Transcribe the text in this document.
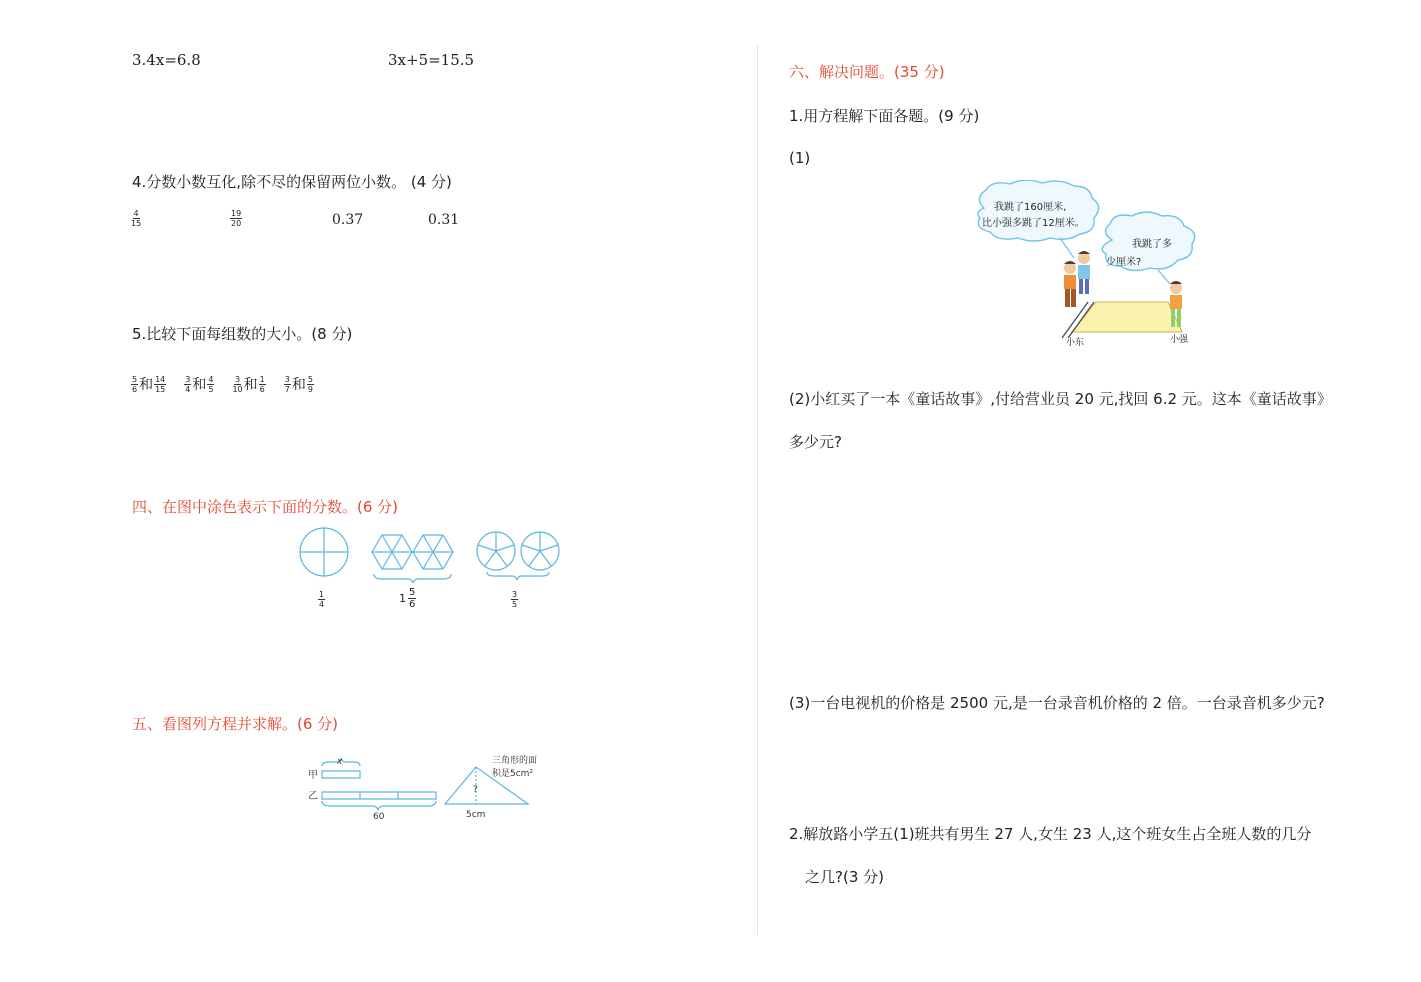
3.4x=6.8	3x+5=15.5
4.分数小数互化,除不尽的保留两位小数。 (4 分)
$\frac{4}{15}$	$\frac{19}{20}$	0.37	0.31
5.比较下面每组数的大小。(8 分)
$\frac{5}{6}$ 和 $\frac{14}{15} \frac{3}{4}$ 和 $\frac{4}{5} \frac{3}{10}$ 和 $\frac{1}{6} \frac{3}{7}$ 和 $\frac{5}{9}$
四、在图中涂色表示下面的分数。(6 分)
$\frac{1}{4}$	$1 \frac{5}{6}$	$\frac{3}{5}$
五、看图列方程并求解。(6 分)
x
甲
乙
60
三角形的面
积是5cm²
?
5cm
六、解决问题。(35 分)
1.用方程解下面各题。(9 分)
(1)
我跳了160厘米,
比小强多跳了12厘米。
我跳了多
少厘米?
小东	小强
(2)小红买了一本《童话故事》,付给营业员 20 元,找回 6.2 元。这本《童话故事》
多少元?
(3)一台电视机的价格是 2500 元,是一台录音机价格的 2 倍。一台录音机多少元?
2.解放路小学五(1)班共有男生 27 人,女生 23 人,这个班女生占全班人数的几分
之几?(3 分)
